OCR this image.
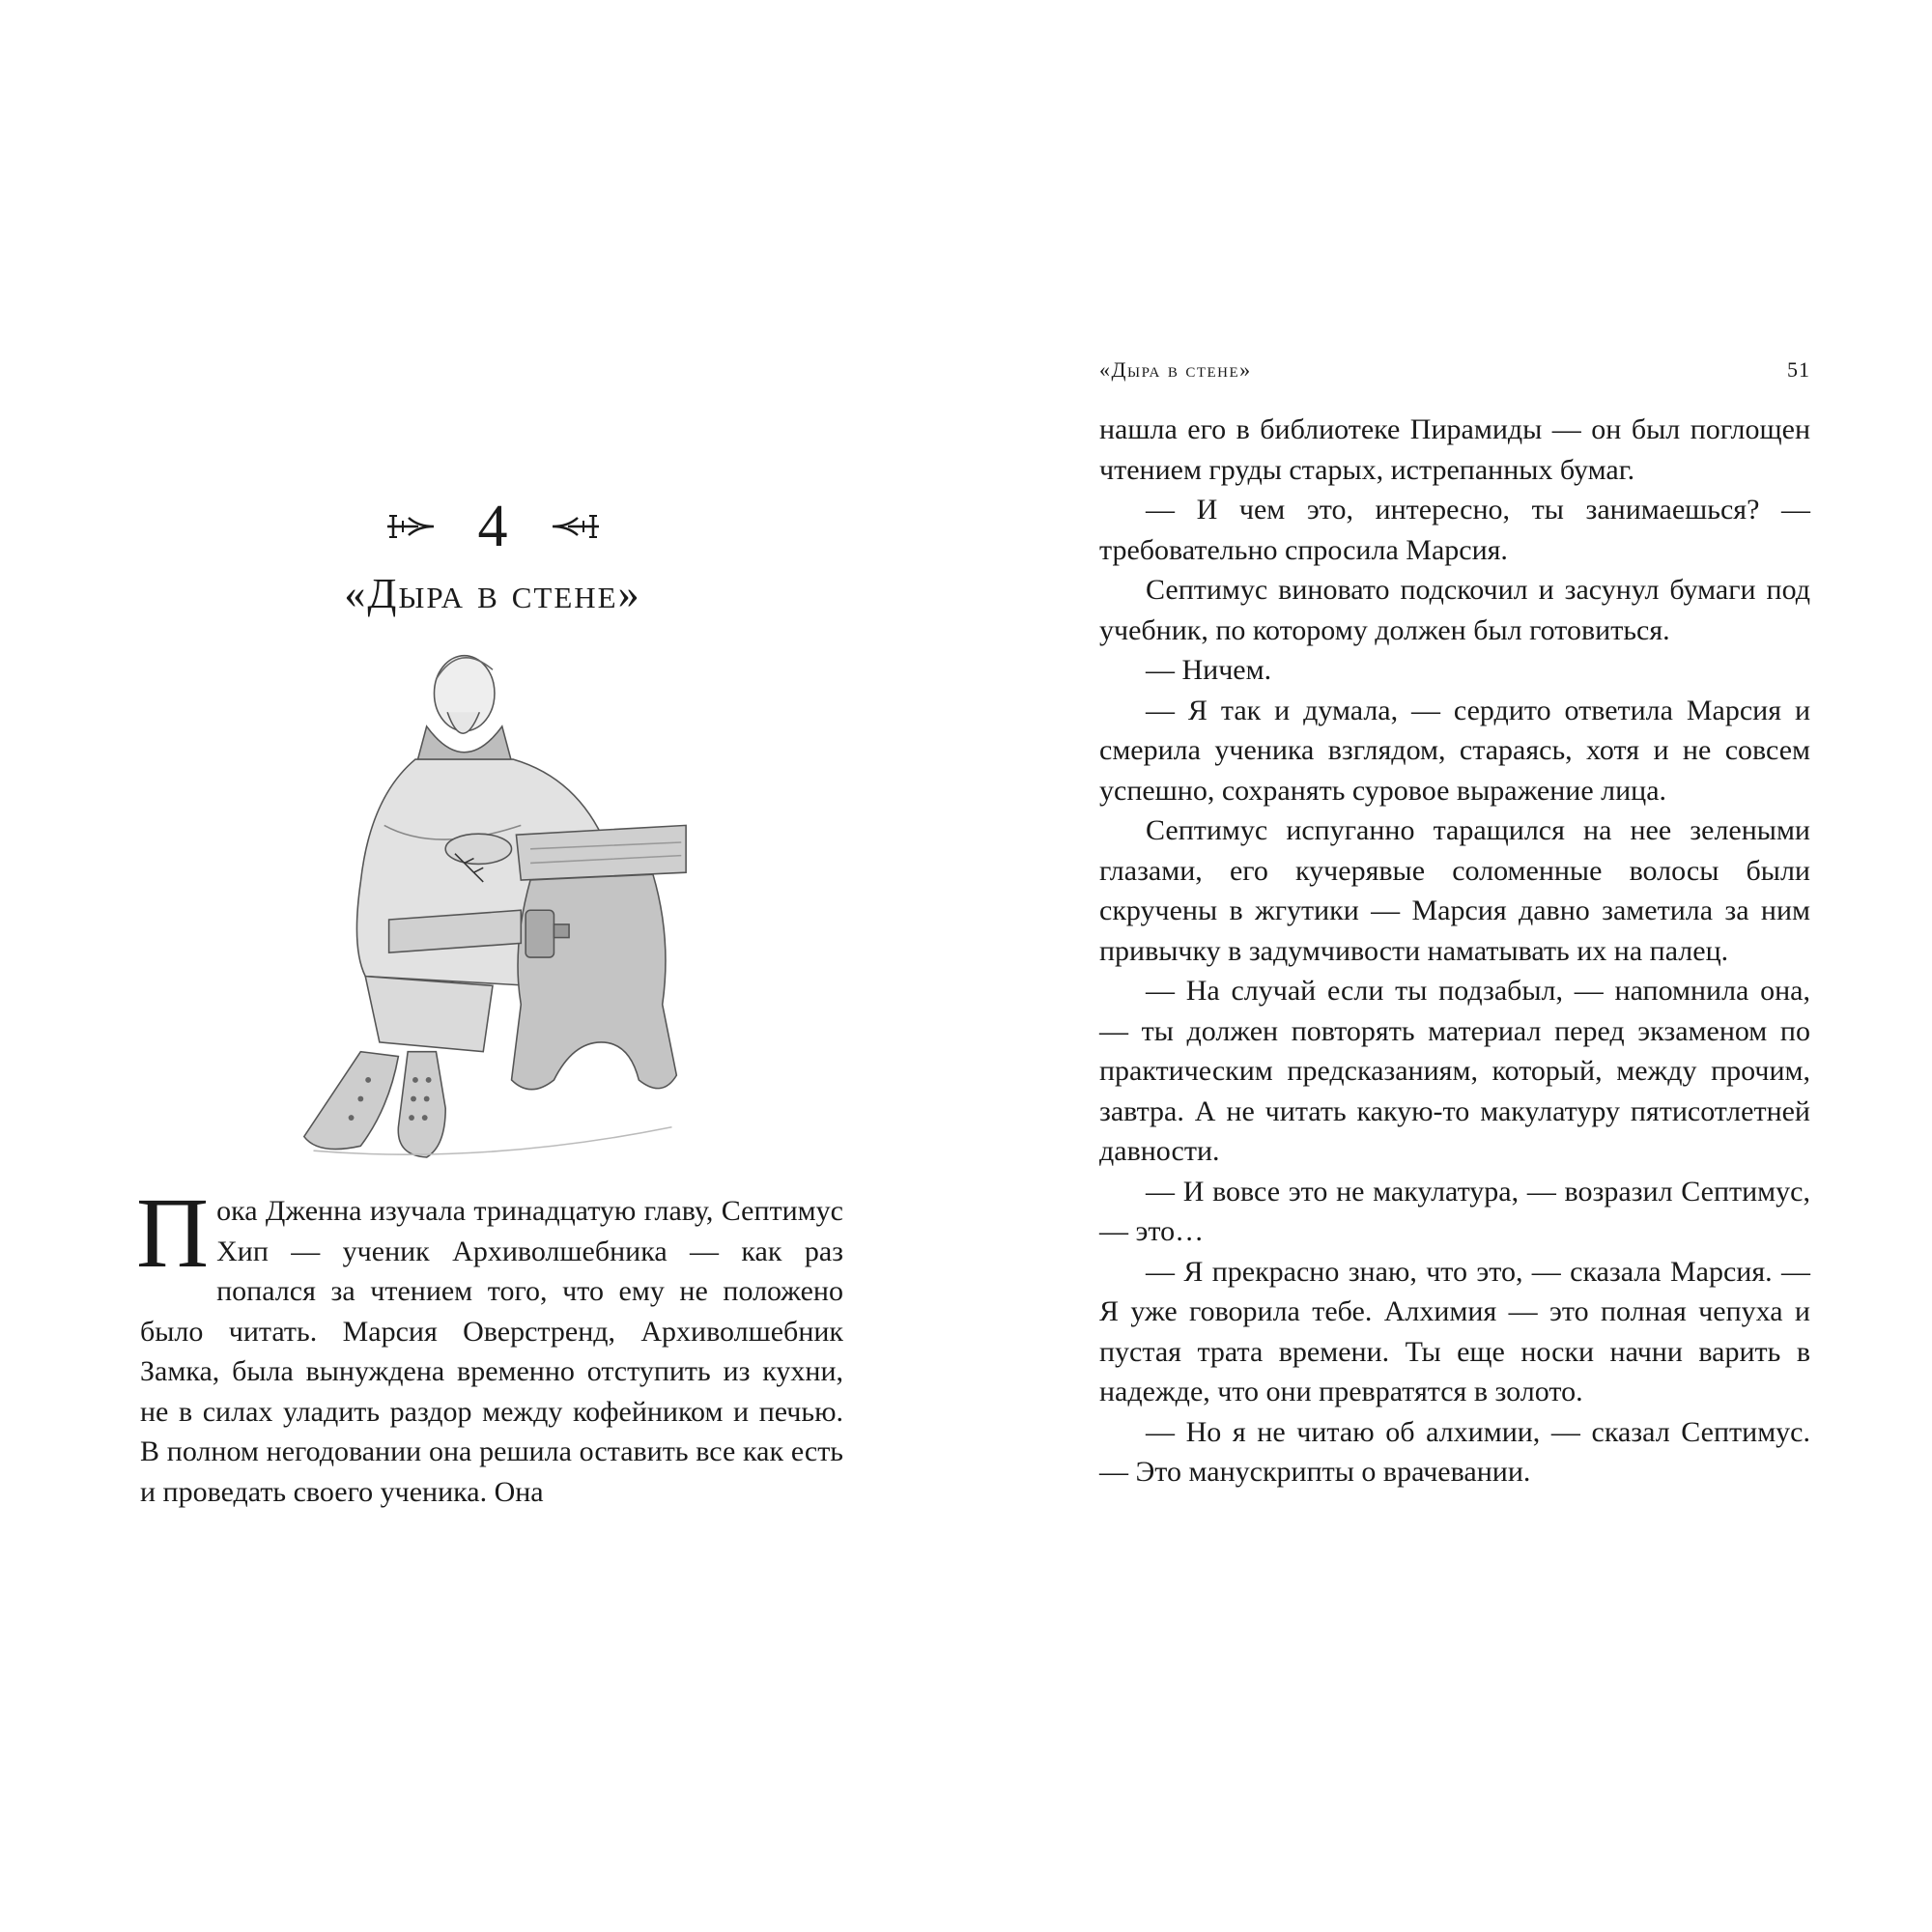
4
«Дыра в стене»

Пока Дженна изучала тринадцатую главу, Септимус Хип — ученик Архиволшебника — как раз попался за чтением того, что ему не положено было читать. Марсия Оверстренд, Архиволшебник Замка, была вынуждена временно отступить из кухни, не в силах уладить раздор между кофейником и печью. В полном негодовании она решила оставить все как есть и проведать своего ученика. Она

«Дыра в стене»	51

нашла его в библиотеке Пирамиды — он был поглощен чтением груды старых, истрепанных бумаг.

— И чем это, интересно, ты занимаешься? — требовательно спросила Марсия.

Септимус виновато подскочил и засунул бумаги под учебник, по которому должен был готовиться.

— Ничем.

— Я так и думала, — сердито ответила Марсия и смерила ученика взглядом, стараясь, хотя и не совсем успешно, сохранять суровое выражение лица.

Септимус испуганно таращился на нее зелеными глазами, его кучерявые соломенные волосы были скручены в жгутики — Марсия давно заметила за ним привычку в задумчивости наматывать их на палец.

— На случай если ты подзабыл, — напомнила она, — ты должен повторять материал перед экзаменом по практическим предсказаниям, который, между прочим, завтра. А не читать какую-то макулатуру пятисотлетней давности.

— И вовсе это не макулатура, — возразил Септимус, — это…

— Я прекрасно знаю, что это, — сказала Марсия. — Я уже говорила тебе. Алхимия — это полная чепуха и пустая трата времени. Ты еще носки начни варить в надежде, что они превратятся в золото.

— Но я не читаю об алхимии, — сказал Септимус. — Это манускрипты о врачевании.
